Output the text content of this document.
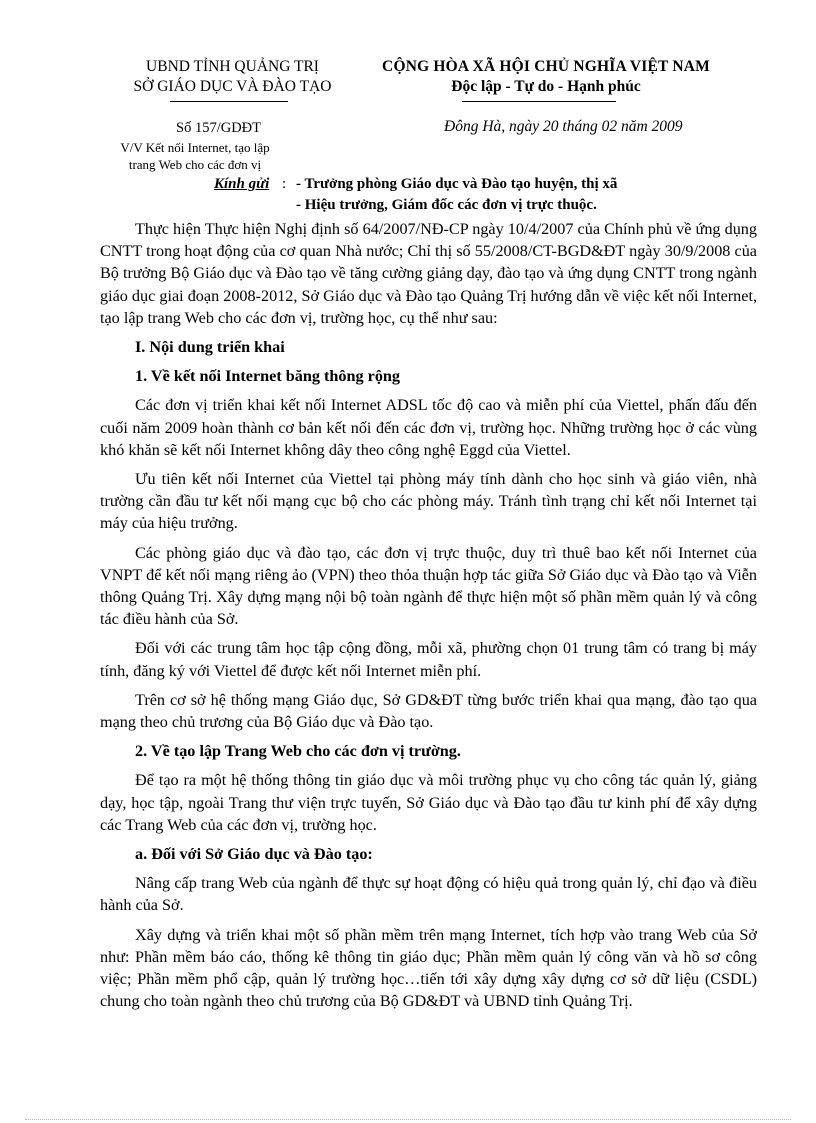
UBND TỈNH QUẢNG TRỊ
SỞ GIÁO DỤC VÀ ĐÀO TẠO
CỘNG HÒA XÃ HỘI CHỦ NGHĨA VIỆT NAM
Độc lập - Tự do - Hạnh phúc
Số 157/GDĐT
V/V Kết nối Internet, tạo lập
trang Web cho các đơn vị
Đông Hà, ngày 20 tháng 02 năm 2009
Kính gửi : - Trưởng phòng Giáo dục và Đào tạo huyện, thị xã
- Hiệu trưởng, Giám đốc các đơn vị trực thuộc.

Thực hiện Thực hiện Nghị định số 64/2007/NĐ-CP ngày 10/4/2007 của Chính phủ về ứng dụng CNTT trong hoạt động của cơ quan Nhà nước; Chỉ thị số 55/2008/CT-BGD&ĐT ngày 30/9/2008 của Bộ trưởng Bộ Giáo dục và Đào tạo về tăng cường giảng dạy, đào tạo và ứng dụng CNTT trong ngành giáo dục giai đoạn 2008-2012, Sở Giáo dục và Đào tạo Quảng Trị hướng dẫn về việc kết nối Internet, tạo lập trang Web cho các đơn vị, trường học, cụ thể như sau:

I. Nội dung triển khai
1. Về kết nối Internet băng thông rộng

Các đơn vị triển khai kết nối Internet ADSL tốc độ cao và miễn phí của Viettel, phấn đấu đến cuối năm 2009 hoàn thành cơ bản kết nối đến các đơn vị, trường học. Những trường học ở các vùng khó khăn sẽ kết nối Internet không dây theo công nghệ Eggd của Viettel.

Ưu tiên kết nối Internet của Viettel tại phòng máy tính dành cho học sinh và giáo viên, nhà trường cần đầu tư kết nối mạng cục bộ cho các phòng máy. Tránh tình trạng chỉ kết nối Internet tại máy của hiệu trưởng.

Các phòng giáo dục và đào tạo, các đơn vị trực thuộc, duy trì thuê bao kết nối Internet của VNPT để kết nối mạng riêng ảo (VPN) theo thỏa thuận hợp tác giữa Sở Giáo dục và Đào tạo và Viễn thông Quảng Trị. Xây dựng mạng nội bộ toàn ngành để thực hiện một số phần mềm quản lý và công tác điều hành của Sở.

Đối với các trung tâm học tập cộng đồng, mỗi xã, phường chọn 01 trung tâm có trang bị máy tính, đăng ký với Viettel để được kết nối Internet miễn phí.

Trên cơ sở hệ thống mạng Giáo dục, Sở GD&ĐT từng bước triển khai qua mạng, đào tạo qua mạng theo chủ trương của Bộ Giáo dục và Đào tạo.

2. Về tạo lập Trang Web cho các đơn vị trường.

Để tạo ra một hệ thống thông tin giáo dục và môi trường phục vụ cho công tác quản lý, giảng dạy, học tập, ngoài Trang thư viện trực tuyến, Sở Giáo dục và Đào tạo đầu tư kinh phí để xây dựng các Trang Web của các đơn vị, trường học.

a. Đối với Sở Giáo dục và Đào tạo:

Nâng cấp trang Web của ngành để thực sự hoạt động có hiệu quả trong quản lý, chỉ đạo và điều hành của Sở.

Xây dựng và triển khai một số phần mềm trên mạng Internet, tích hợp vào trang Web của Sở như: Phần mềm báo cáo, thống kê thông tin giáo dục; Phần mềm quản lý công văn và hồ sơ công việc; Phần mềm phổ cập, quản lý trường học…tiến tới xây dựng xây dựng cơ sở dữ liệu (CSDL) chung cho toàn ngành theo chủ trương của Bộ GD&ĐT và UBND tỉnh Quảng Trị.
